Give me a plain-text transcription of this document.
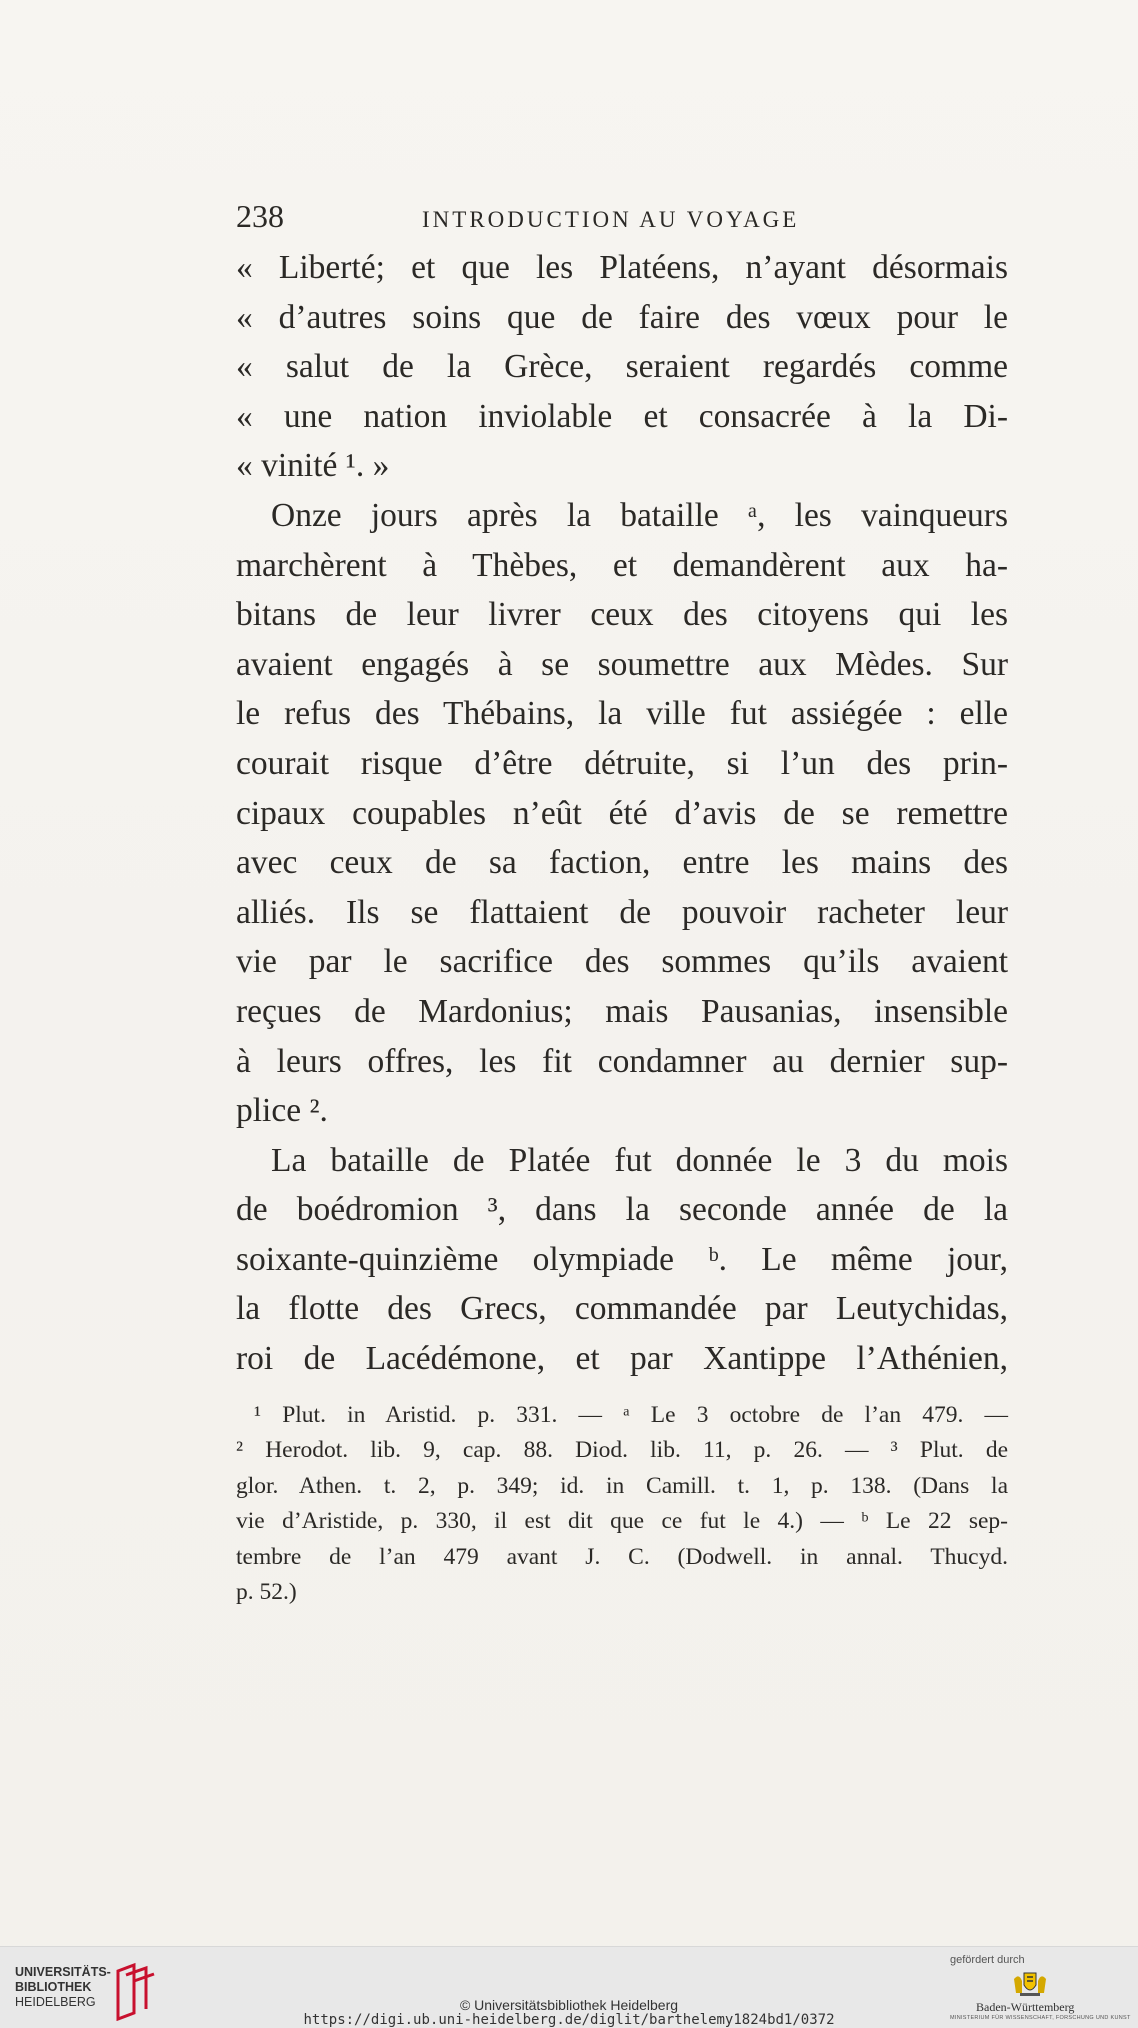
238	INTRODUCTION AU VOYAGE
« Liberté; et que les Platéens, n’ayant désormais
« d’autres soins que de faire des vœux pour le
« salut de la Grèce, seraient regardés comme
« une nation inviolable et consacrée à la Di-
« vinité ¹. »
Onze jours après la bataille ᵃ, les vainqueurs
marchèrent à Thèbes, et demandèrent aux ha-
bitans de leur livrer ceux des citoyens qui les
avaient engagés à se soumettre aux Mèdes. Sur
le refus des Thébains, la ville fut assiégée : elle
courait risque d’être détruite, si l’un des prin-
cipaux coupables n’eût été d’avis de se remettre
avec ceux de sa faction, entre les mains des
alliés. Ils se flattaient de pouvoir racheter leur
vie par le sacrifice des sommes qu’ils avaient
reçues de Mardonius; mais Pausanias, insensible
à leurs offres, les fit condamner au dernier sup-
plice ².
La bataille de Platée fut donnée le 3 du mois
de boédromion ³, dans la seconde année de la
soixante-quinzième olympiade ᵇ. Le même jour,
la flotte des Grecs, commandée par Leutychidas,
roi de Lacédémone, et par Xantippe l’Athénien,
¹ Plut. in Aristid. p. 331. — ᵃ Le 3 octobre de l’an 479. —
² Herodot. lib. 9, cap. 88. Diod. lib. 11, p. 26. — ³ Plut. de
glor. Athen. t. 2, p. 349; id. in Camill. t. 1, p. 138. (Dans la
vie d’Aristide, p. 330, il est dit que ce fut le 4.) — ᵇ Le 22 sep-
tembre de l’an 479 avant J. C. (Dodwell. in annal. Thucyd.
p. 52.)
UNIVERSITÄTS-
BIBLIOTHEK
HEIDELBERG	© Universitätsbibliothek Heidelberg
https://digi.ub.uni-heidelberg.de/diglit/barthelemy1824bd1/0372
gefördert durch
Baden-Württemberg
MINISTERIUM FÜR WISSENSCHAFT, FORSCHUNG UND KUNST
